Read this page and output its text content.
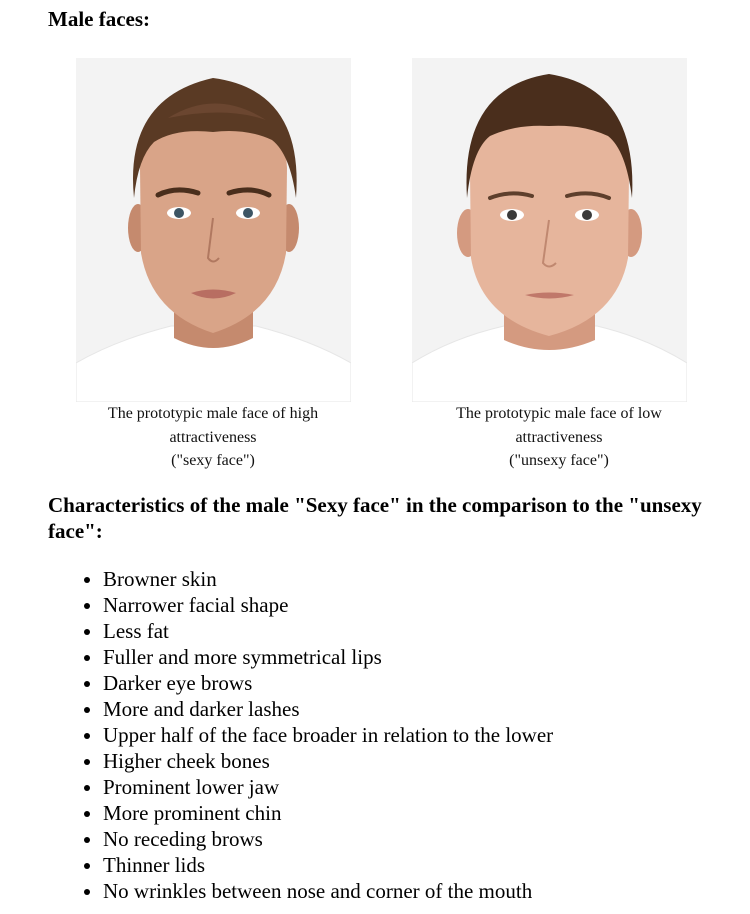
Male faces:
The prototypic male face of high
attractiveness
("sexy face")
The prototypic male face of low
attractiveness
("unsexy face")
Characteristics of the male "Sexy face" in the comparison to the "unsexy face":
• Browner skin
• Narrower facial shape
• Less fat
• Fuller and more symmetrical lips
• Darker eye brows
• More and darker lashes
• Upper half of the face broader in relation to the lower
• Higher cheek bones
• Prominent lower jaw
• More prominent chin
• No receding brows
• Thinner lids
• No wrinkles between nose and corner of the mouth
